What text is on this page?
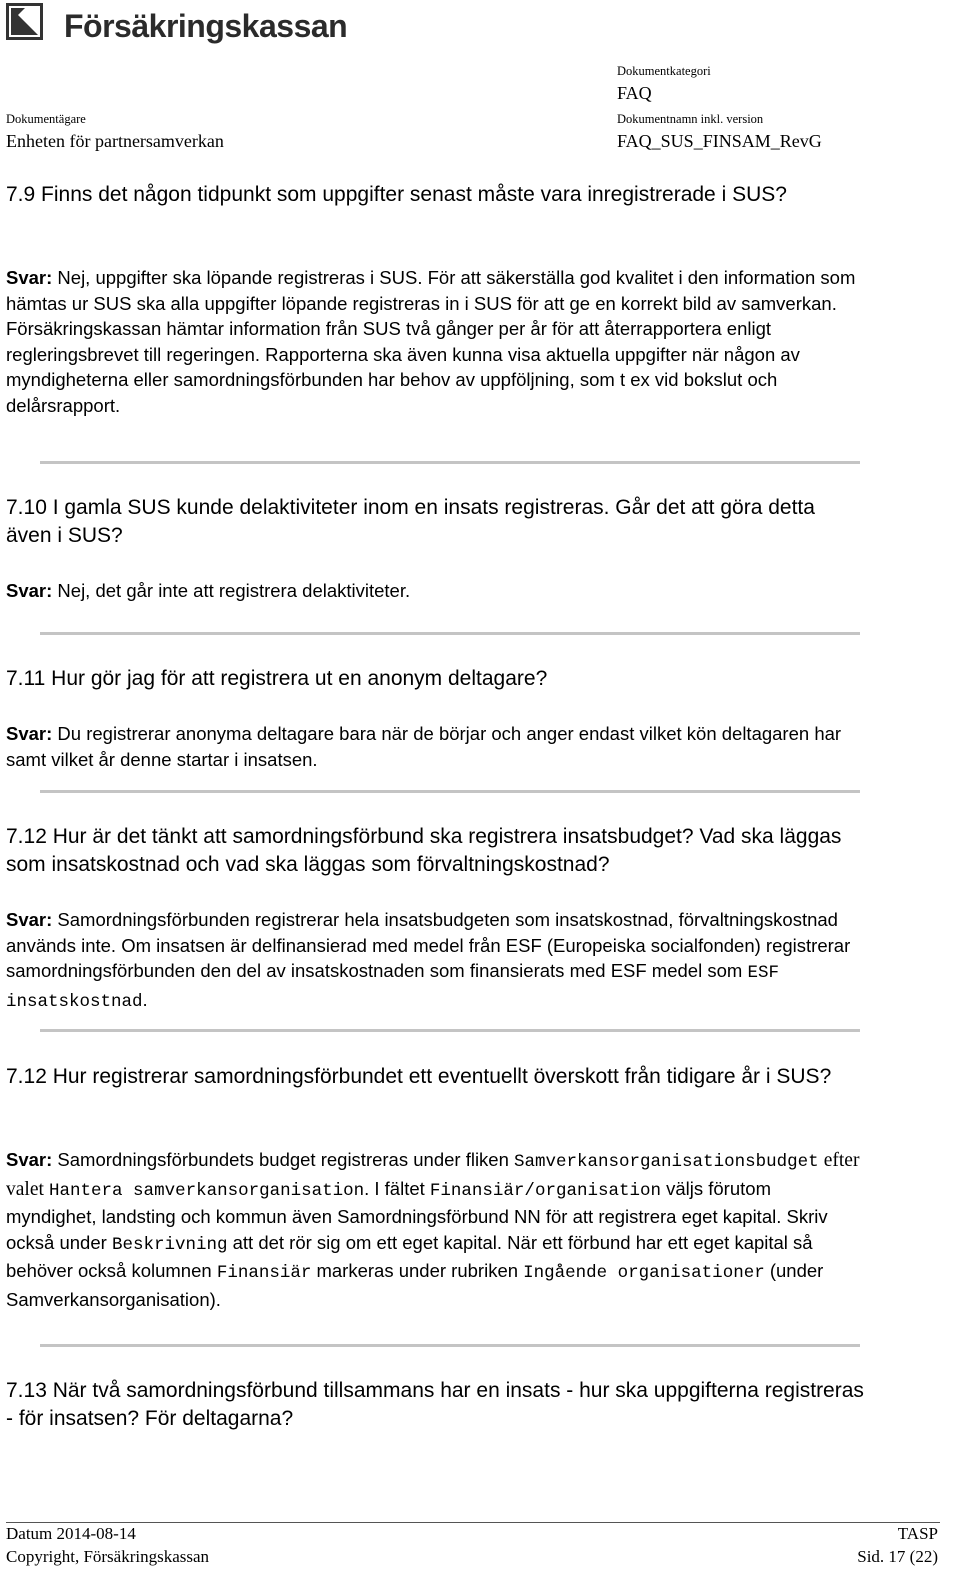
Försäkringskassan
Dokumentkategori
FAQ
Dokumentägare	Dokumentnamn inkl. version
Enheten för partnersamverkan	FAQ_SUS_FINSAM_RevG
7.9 Finns det någon tidpunkt som uppgifter senast måste vara inregistrerade i SUS?
Svar: Nej, uppgifter ska löpande registreras i SUS. För att säkerställa god kvalitet i den information som hämtas ur SUS ska alla uppgifter löpande registreras in i SUS för att ge en korrekt bild av samverkan. Försäkringskassan hämtar information från SUS två gånger per år för att återrapportera enligt regleringsbrevet till regeringen. Rapporterna ska även kunna visa aktuella uppgifter när någon av myndigheterna eller samordningsförbunden har behov av uppföljning, som t ex vid bokslut och delårsrapport.
7.10 I gamla SUS kunde delaktiviteter inom en insats registreras. Går det att göra detta även i SUS?
Svar: Nej, det går inte att registrera delaktiviteter.
7.11 Hur gör jag för att registrera ut en anonym deltagare?
Svar: Du registrerar anonyma deltagare bara när de börjar och anger endast vilket kön deltagaren har samt vilket år denne startar i insatsen.
7.12 Hur är det tänkt att samordningsförbund ska registrera insatsbudget? Vad ska läggas som insatskostnad och vad ska läggas som förvaltningskostnad?
Svar: Samordningsförbunden registrerar hela insatsbudgeten som insatskostnad, förvaltningskostnad används inte. Om insatsen är delfinansierad med medel från ESF (Europeiska socialfonden) registrerar samordningsförbunden den del av insatskostnaden som finansierats med ESF medel som ESF insatskostnad.
7.12 Hur registrerar samordningsförbundet ett eventuellt överskott från tidigare år i SUS?
Svar: Samordningsförbundets budget registreras under fliken Samverkansorganisationsbudget efter valet Hantera samverkansorganisation. I fältet Finansiär/organisation väljs förutom myndighet, landsting och kommun även Samordningsförbund NN för att registrera eget kapital. Skriv också under Beskrivning att det rör sig om ett eget kapital. När ett förbund har ett eget kapital så behöver också kolumnen Finansiär markeras under rubriken Ingående organisationer (under Samverkansorganisation).
7.13 När två samordningsförbund tillsammans har en insats - hur ska uppgifterna registreras - för insatsen? För deltagarna?
Datum 2014-08-14
Copyright, Försäkringskassan
TASP
Sid. 17 (22)
